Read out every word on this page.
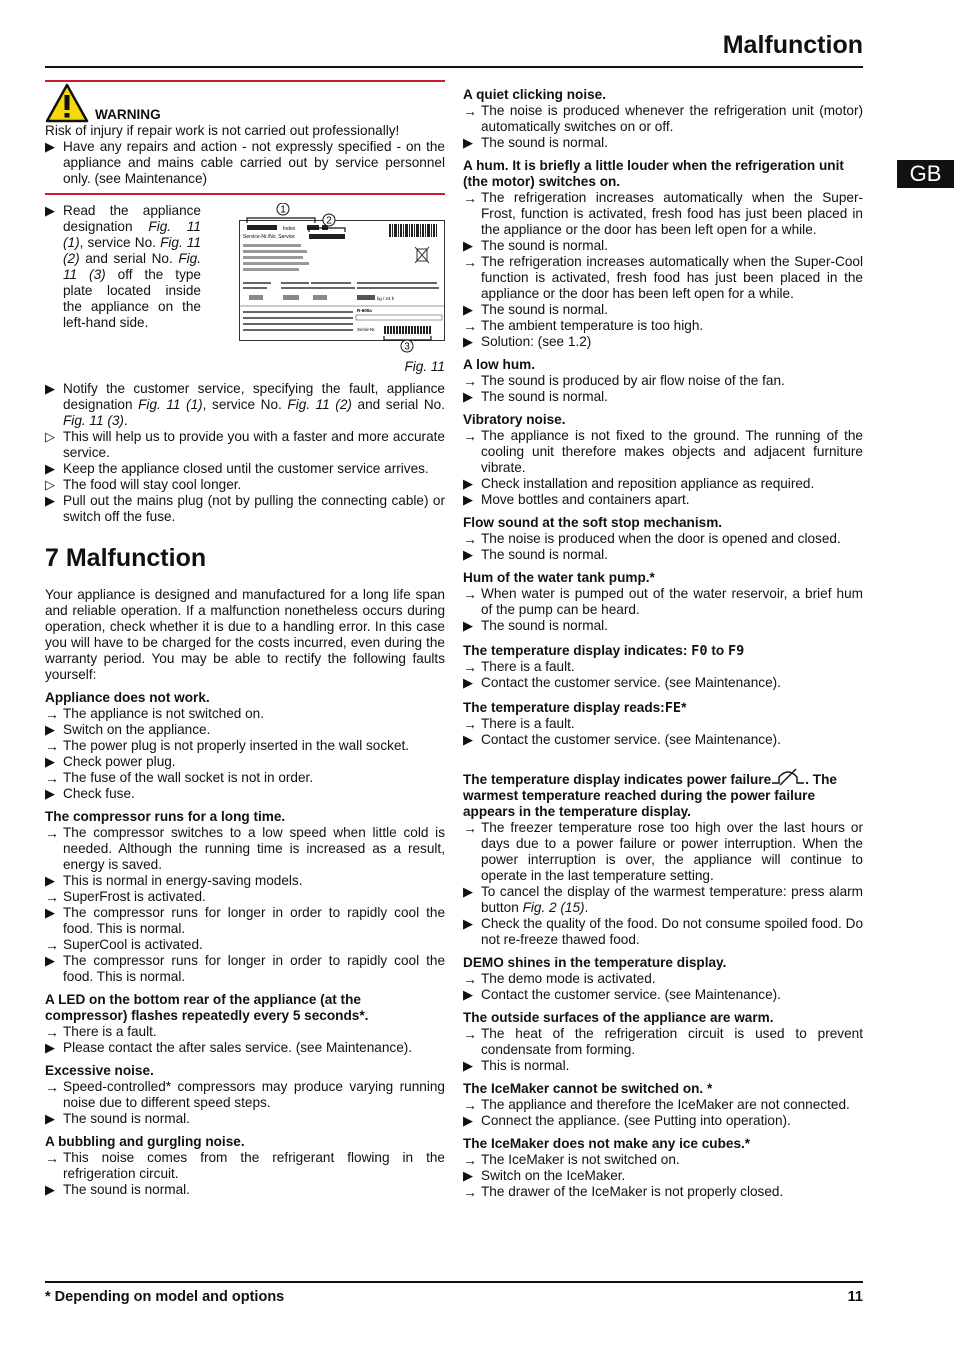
Malfunction
GB
* Depending on model and options	11
WARNING
Risk of injury if repair work is not carried out professionally!
▶ Have any repairs and action - not expressly specified - on the appliance and mains cable carried out by service personnel only. (see Maintenance)
▶ Read the appliance designation Fig. 11 (1), service No. Fig. 11 (2) and serial No. Fig. 11 (3) off the type plate located inside the appliance on the left-hand side.
Index
Service-Nr./No. Service
kg / 24 h
R-600a
Serial-Nr.
1
2
3
Fig. 11
▶ Notify the customer service, specifying the fault, appliance designation Fig. 11 (1), service No. Fig. 11 (2) and serial No. Fig. 11 (3).
▷ This will help us to provide you with a faster and more accurate service.
▶ Keep the appliance closed until the customer service arrives.
▷ The food will stay cool longer.
▶ Pull out the mains plug (not by pulling the connecting cable) or switch off the fuse.
7 Malfunction

Your appliance is designed and manufactured for a long life span and reliable operation. If a malfunction nonetheless occurs during operation, check whether it is due to a handling error. In this case you will have to be charged for the costs incurred, even during the warranty period. You may be able to rectify the following faults yourself:

Appliance does not work.
→ The appliance is not switched on.
▶ Switch on the appliance.
→ The power plug is not properly inserted in the wall socket.
▶ Check power plug.
→ The fuse of the wall socket is not in order.
▶ Check fuse.
The compressor runs for a long time.
→ The compressor switches to a low speed when little cold is needed. Although the running time is increased as a result, energy is saved.
▶ This is normal in energy-saving models.
→ SuperFrost is activated.
▶ The compressor runs for longer in order to rapidly cool the food. This is normal.
→ SuperCool is activated.
▶ The compressor runs for longer in order to rapidly cool the food. This is normal.
A LED on the bottom rear of the appliance (at the compressor) flashes repeatedly every 5 seconds*.
→ There is a fault.
▶ Please contact the after sales service. (see Maintenance).
Excessive noise.
→ Speed-controlled* compressors may produce varying running noise due to different speed steps.
▶ The sound is normal.
A bubbling and gurgling noise.
→ This noise comes from the refrigerant flowing in the refrigeration circuit.
▶ The sound is normal.
A quiet clicking noise.
→ The noise is produced whenever the refrigeration unit (motor) automatically switches on or off.
▶ The sound is normal.
A hum. It is briefly a little louder when the refrigeration unit (the motor) switches on.
→ The refrigeration increases automatically when the Super-Frost, function is activated, fresh food has just been placed in the appliance or the door has been left open for a while.
▶ The sound is normal.
→ The refrigeration increases automatically when the Super-Cool function is activated, fresh food has just been placed in the appliance or the door has been left open for a while.
▶ The sound is normal.
→ The ambient temperature is too high.
▶ Solution: (see 1.2)
A low hum.
→ The sound is produced by air flow noise of the fan.
▶ The sound is normal.
Vibratory noise.
→ The appliance is not fixed to the ground. The running of the cooling unit therefore makes objects and adjacent furniture vibrate.
▶ Check installation and reposition appliance as required.
▶ Move bottles and containers apart.
Flow sound at the soft stop mechanism.
→ The noise is produced when the door is opened and closed.
▶ The sound is normal.
Hum of the water tank pump.*
→ When water is pumped out of the water reservoir, a brief hum of the pump can be heard.
▶ The sound is normal.
The temperature display indicates: F0 to F9
→ There is a fault.
▶ Contact the customer service. (see Maintenance).
The temperature display reads:FE*
→ There is a fault.
▶ Contact the customer service. (see Maintenance).
The temperature display indicates power failure	. The warmest temperature reached during the power failure appears in the temperature display.
→ The freezer temperature rose too high over the last hours or days due to a power failure or power interruption. When the power interruption is over, the appliance will continue to operate in the last temperature setting.
▶ To cancel the display of the warmest temperature: press alarm button Fig. 2 (15).
▶ Check the quality of the food. Do not consume spoiled food. Do not re-freeze thawed food.
DEMO shines in the temperature display.
→ The demo mode is activated.
▶ Contact the customer service. (see Maintenance).
The outside surfaces of the appliance are warm.
→ The heat of the refrigeration circuit is used to prevent condensate from forming.
▶ This is normal.
The IceMaker cannot be switched on. *
→ The appliance and therefore the IceMaker are not connected.
▶ Connect the appliance. (see Putting into operation).
The IceMaker does not make any ice cubes.*
→ The IceMaker is not switched on.
▶ Switch on the IceMaker.
→ The drawer of the IceMaker is not properly closed.
